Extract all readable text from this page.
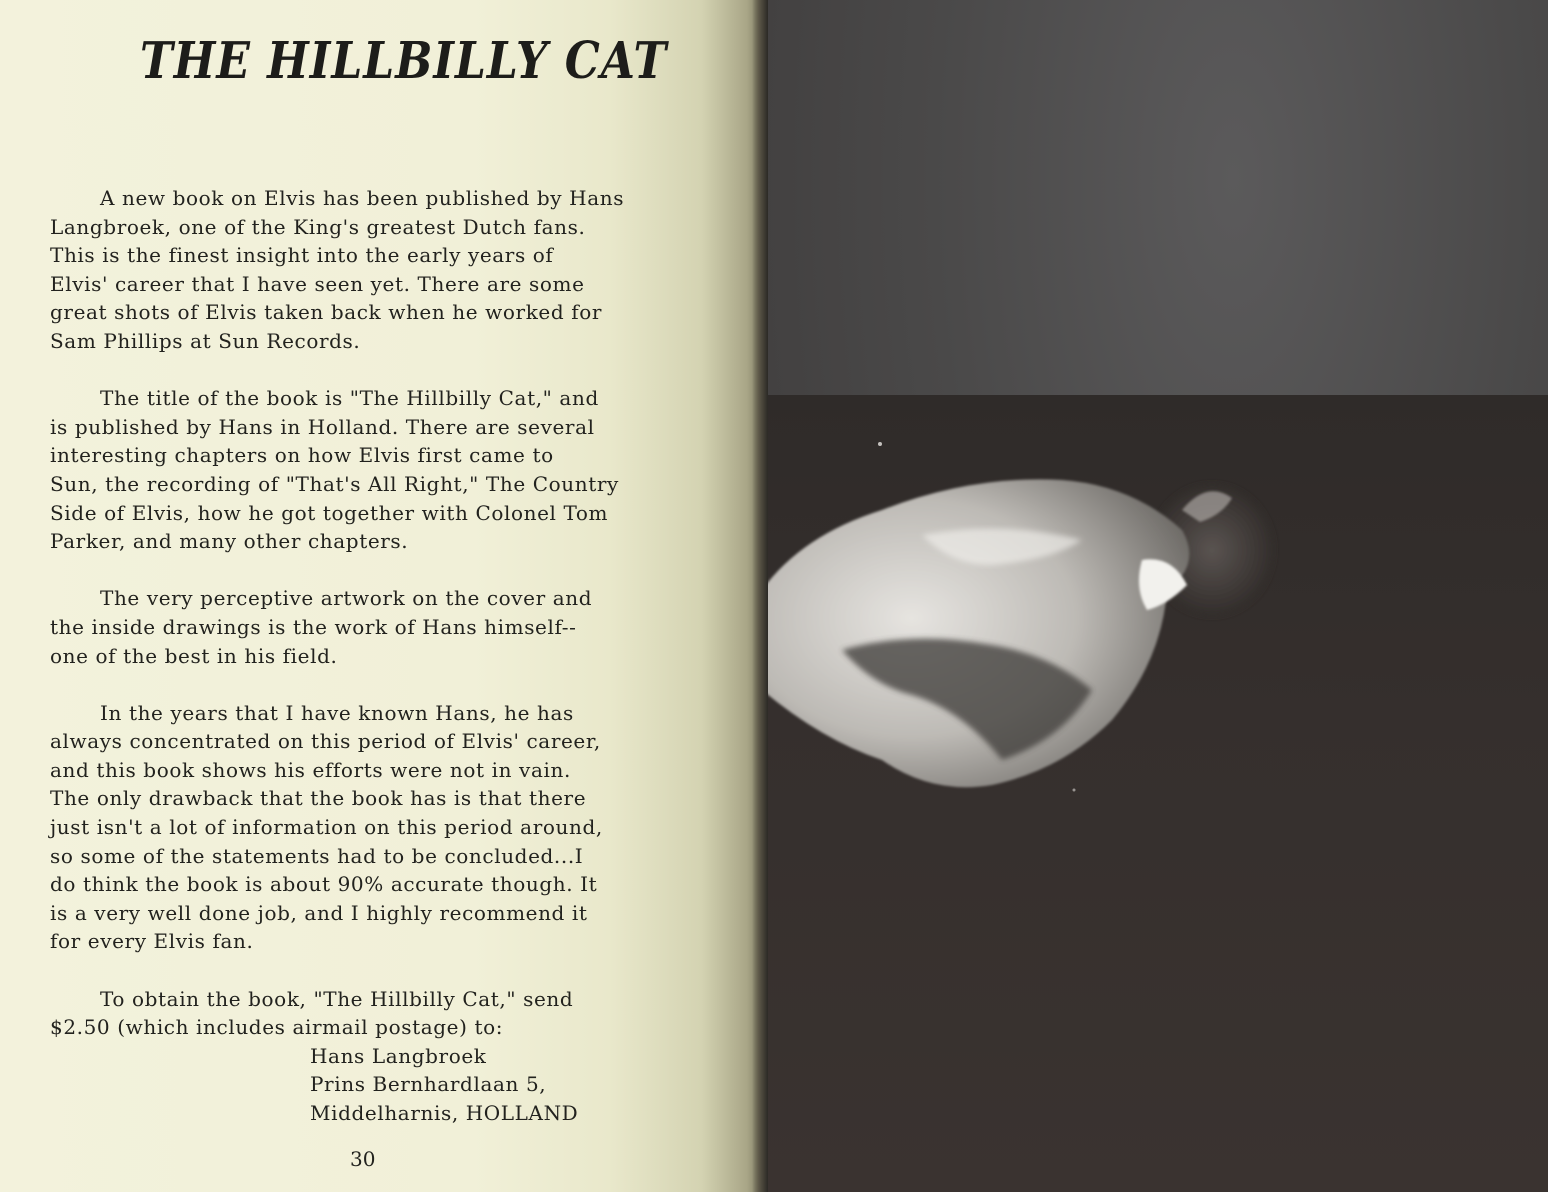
THE HILLBILLY CAT

A new book on Elvis has been published by Hans
Langbroek, one of the King's greatest Dutch fans.
This is the finest insight into the early years of
Elvis' career that I have seen yet. There are some
great shots of Elvis taken back when he worked for
Sam Phillips at Sun Records.

The title of the book is "The Hillbilly Cat," and
is published by Hans in Holland. There are several
interesting chapters on how Elvis first came to
Sun, the recording of "That's All Right," The Country
Side of Elvis, how he got together with Colonel Tom
Parker, and many other chapters.

The very perceptive artwork on the cover and
the inside drawings is the work of Hans himself--
one of the best in his field.

In the years that I have known Hans, he has
always concentrated on this period of Elvis' career,
and this book shows his efforts were not in vain.
The only drawback that the book has is that there
just isn't a lot of information on this period around,
so some of the statements had to be concluded...I
do think the book is about 90% accurate though. It
is a very well done job, and I highly recommend it
for every Elvis fan.

To obtain the book, "The Hillbilly Cat," send
$2.50 (which includes airmail postage) to:
Hans Langbroek
Prins Bernhardlaan 5,
Middelharnis, HOLLAND

30
